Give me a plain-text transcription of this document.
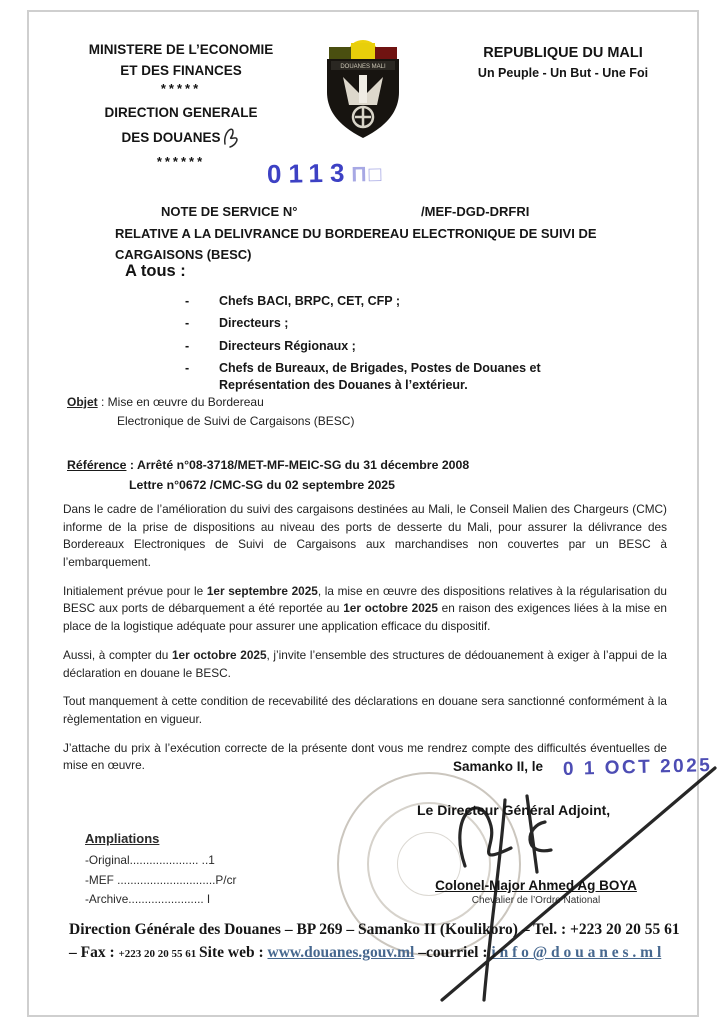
MINISTERE DE L’ECONOMIE
ET DES FINANCES
*****
DIRECTION GENERALE
DES DOUANES
******
DOUANES MALI
REPUBLIQUE DU MALI
Un Peuple - Un But - Une Foi
0113Π□
NOTE DE SERVICE N°	/MEF-DGD-DRFRI
RELATIVE A LA DELIVRANCE DU BORDEREAU ELECTRONIQUE DE SUIVI DE CARGAISONS (BESC)
A tous :
-	Chefs BACI, BRPC, CET, CFP ;
-	Directeurs ;
-	Directeurs Régionaux ;
-	Chefs de Bureaux, de Brigades, Postes de Douanes et Représentation des Douanes à l’extérieur.
Objet : Mise en œuvre du Bordereau
Electronique de Suivi de Cargaisons (BESC)
Référence : Arrêté n°08-3718/MET-MF-MEIC-SG du 31 décembre 2008
Lettre n°0672 /CMC-SG du 02 septembre 2025

Dans le cadre de l’amélioration du suivi des cargaisons destinées au Mali, le Conseil Malien des Chargeurs (CMC) informe de la prise de dispositions au niveau des ports de desserte du Mali, pour assurer la délivrance des Bordereaux Electroniques de Suivi de Cargaisons aux marchandises non couvertes par un BESC à l’embarquement.

Initialement prévue pour le 1er septembre 2025, la mise en œuvre des dispositions relatives à la régularisation du BESC aux ports de débarquement a été reportée au 1er octobre 2025 en raison des exigences liées à la mise en place de la logistique adéquate pour assurer une application efficace du dispositif.

Aussi, à compter du 1er octobre 2025, j’invite l’ensemble des structures de dédouanement à exiger à l’appui de la déclaration en douane le BESC.

Tout manquement à cette condition de recevabilité des déclarations en douane sera sanctionné conformément à la règlementation en vigueur.

J’attache du prix à l’exécution correcte de la présente dont vous me rendrez compte des difficultés éventuelles de mise en œuvre.	Samanko II, le 0 1 OCT 2025
Le Directeur Général Adjoint,
Ampliations
-Original..................... ..1
-MEF ..............................P/cr
-Archive....................... I
Colonel-Major Ahmed Ag BOYA
Chevalier de l’Ordre National
Direction Générale des Douanes – BP 269 – Samanko II (Koulikoro) – Tel. : +223 20 20 55 61 – Fax : +223 20 20 55 61 Site web : www.douanes.gouv.ml –courriel : i n f o @ d o u a n e s . m l
